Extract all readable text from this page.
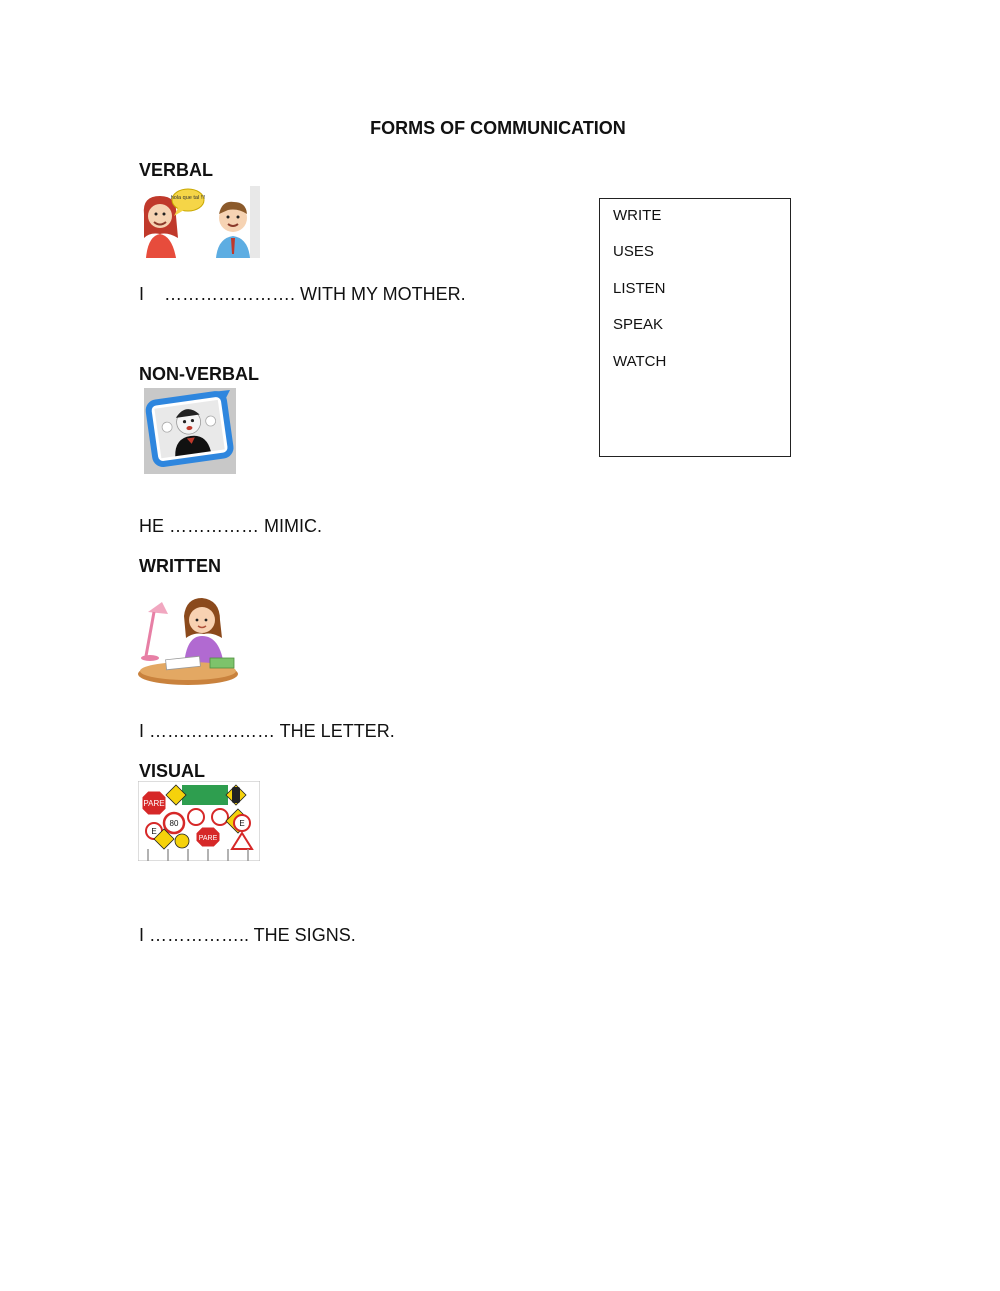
FORMS OF COMMUNICATION
VERBAL
hola que tal !!!
I    …………………. WITH MY MOTHER.
NON-VERBAL
HE …………… MIMIC.
WRITTEN
I ………………… THE LETTER.
VISUAL
PARE
80
E
PARE
E
I …………….. THE SIGNS.
WRITE
USES
LISTEN
SPEAK
WATCH
